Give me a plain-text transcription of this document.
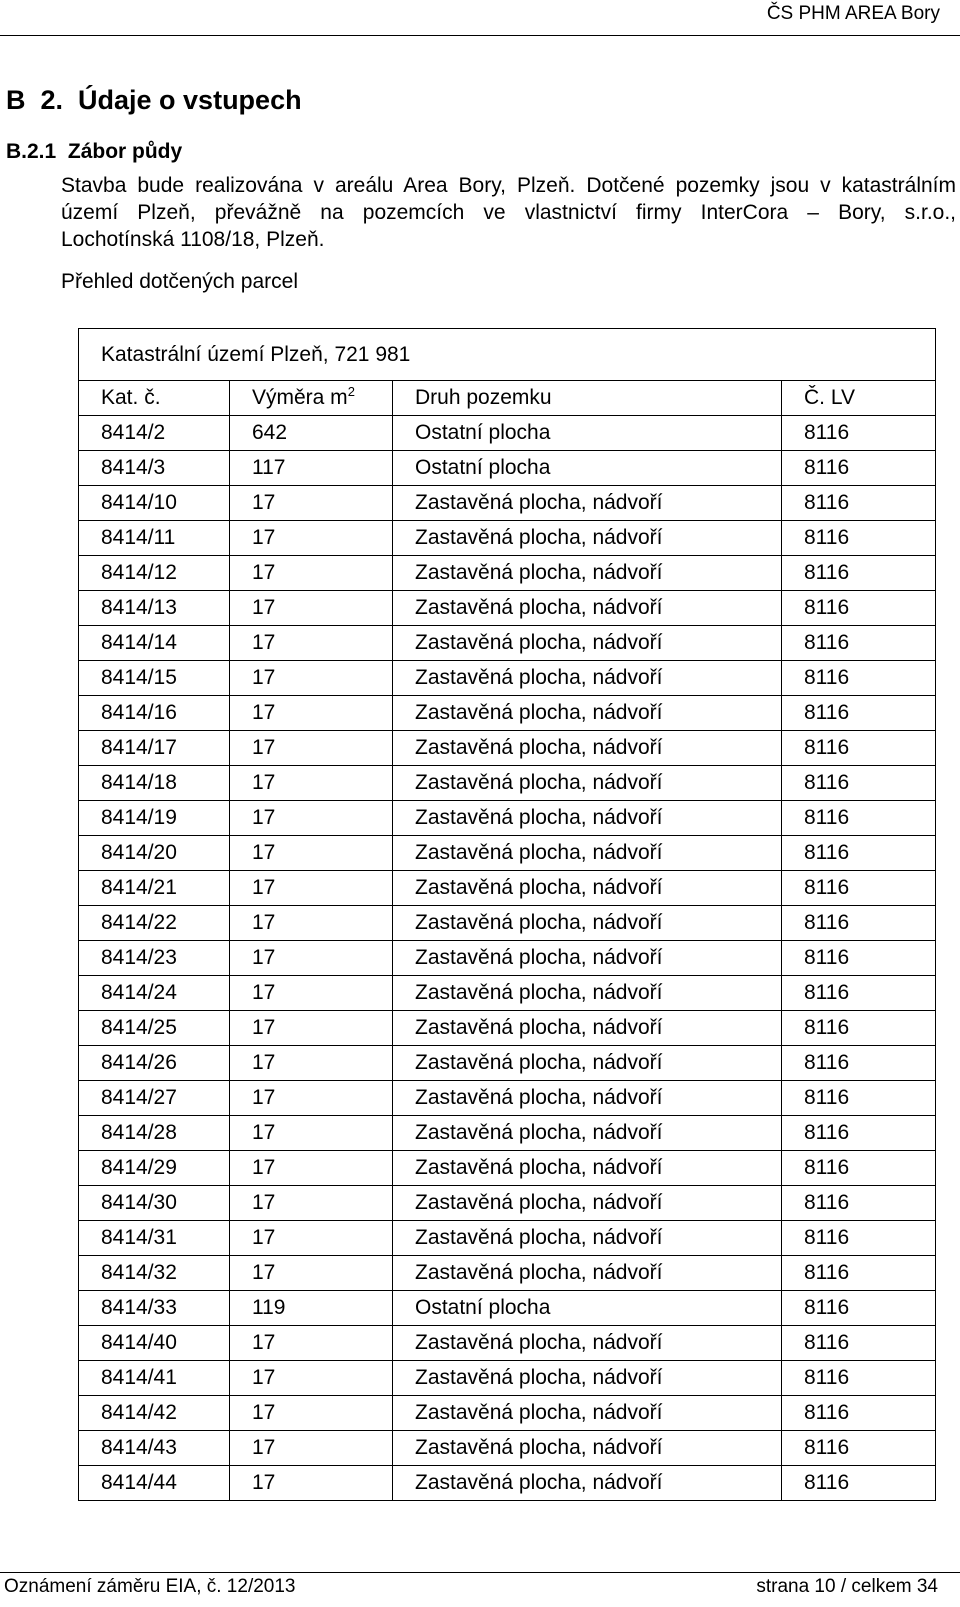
ČS PHM AREA Bory
B  2.  Údaje o vstupech
B.2.1  Zábor půdy
Stavba bude realizována v areálu Area Bory, Plzeň. Dotčené pozemky jsou v katastrálním
území Plzeň, převážně na pozemcích ve vlastnictví firmy InterCora – Bory, s.r.o.,
Lochotínská 1108/18, Plzeň.
Přehled dotčených parcel
Katastrální území Plzeň, 721 981			
Kat. č.	Výměra $m^2$	Druh pozemku	Č. LV
8414/2	642	Ostatní plocha	8116
8414/3	117	Ostatní plocha	8116
8414/10	17	Zastavěná plocha, nádvoří	8116
8414/11	17	Zastavěná plocha, nádvoří	8116
8414/12	17	Zastavěná plocha, nádvoří	8116
8414/13	17	Zastavěná plocha, nádvoří	8116
8414/14	17	Zastavěná plocha, nádvoří	8116
8414/15	17	Zastavěná plocha, nádvoří	8116
8414/16	17	Zastavěná plocha, nádvoří	8116
8414/17	17	Zastavěná plocha, nádvoří	8116
8414/18	17	Zastavěná plocha, nádvoří	8116
8414/19	17	Zastavěná plocha, nádvoří	8116
8414/20	17	Zastavěná plocha, nádvoří	8116
8414/21	17	Zastavěná plocha, nádvoří	8116
8414/22	17	Zastavěná plocha, nádvoří	8116
8414/23	17	Zastavěná plocha, nádvoří	8116
8414/24	17	Zastavěná plocha, nádvoří	8116
8414/25	17	Zastavěná plocha, nádvoří	8116
8414/26	17	Zastavěná plocha, nádvoří	8116
8414/27	17	Zastavěná plocha, nádvoří	8116
8414/28	17	Zastavěná plocha, nádvoří	8116
8414/29	17	Zastavěná plocha, nádvoří	8116
8414/30	17	Zastavěná plocha, nádvoří	8116
8414/31	17	Zastavěná plocha, nádvoří	8116
8414/32	17	Zastavěná plocha, nádvoří	8116
8414/33	119	Ostatní plocha	8116
8414/40	17	Zastavěná plocha, nádvoří	8116
8414/41	17	Zastavěná plocha, nádvoří	8116
8414/42	17	Zastavěná plocha, nádvoří	8116
8414/43	17	Zastavěná plocha, nádvoří	8116
8414/44	17	Zastavěná plocha, nádvoří	8116
Oznámení záměru EIA, č. 12/2013	strana 10 / celkem 34
